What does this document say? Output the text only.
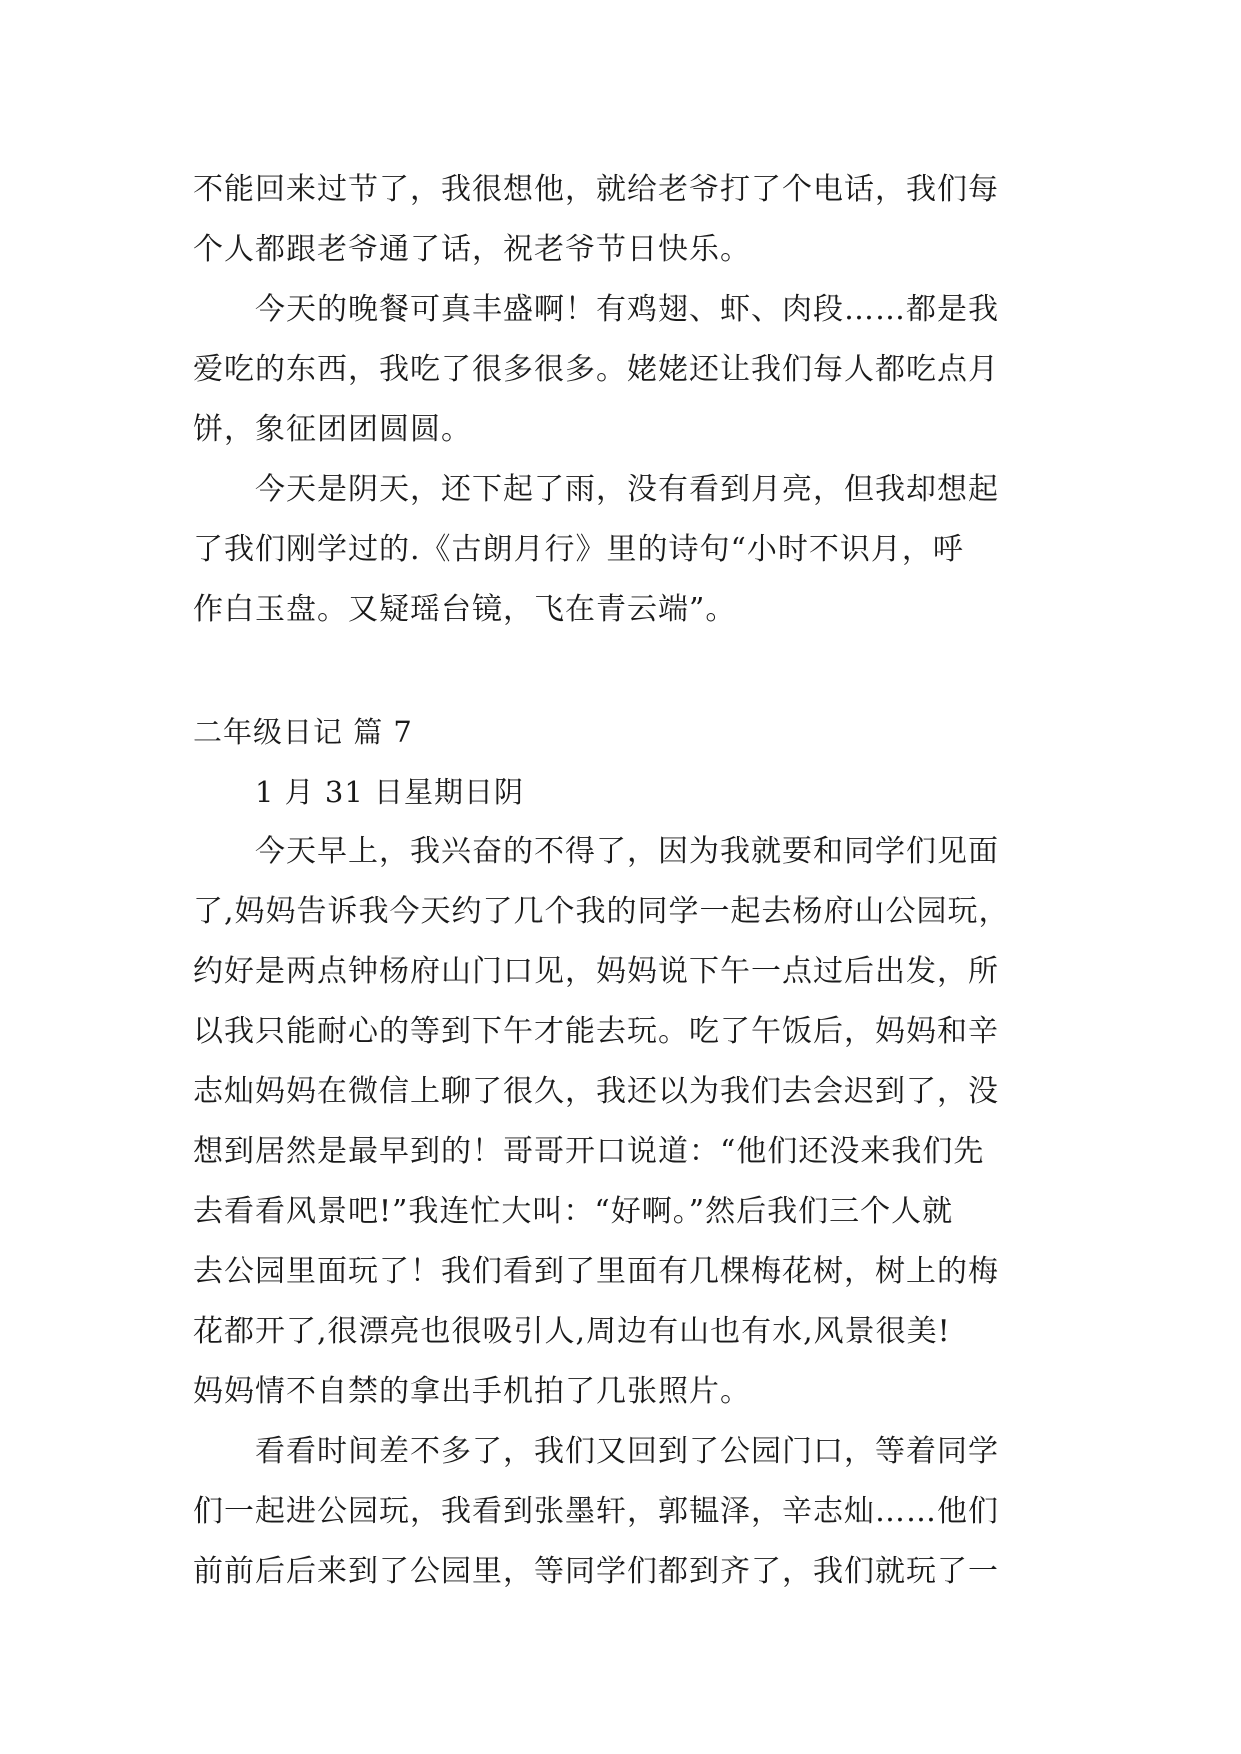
不能回来过节了，我很想他，就给老爷打了个电话，我们每
个人都跟老爷通了话，祝老爷节日快乐。
今天的晚餐可真丰盛啊！有鸡翅、虾、肉段……都是我
爱吃的东西，我吃了很多很多。姥姥还让我们每人都吃点月
饼，象征团团圆圆。
今天是阴天，还下起了雨，没有看到月亮，但我却想起
了我们刚学过的.《古朗月行》里的诗句“小时不识月，呼
作白玉盘。又疑瑶台镜，飞在青云端”。
二年级日记 篇 7
1 月 31 日星期日阴
今天早上，我兴奋的不得了，因为我就要和同学们见面
了,妈妈告诉我今天约了几个我的同学一起去杨府山公园玩，
约好是两点钟杨府山门口见，妈妈说下午一点过后出发，所
以我只能耐心的等到下午才能去玩。吃了午饭后，妈妈和辛
志灿妈妈在微信上聊了很久，我还以为我们去会迟到了，没
想到居然是最早到的！哥哥开口说道：“他们还没来我们先
去看看风景吧!”我连忙大叫：“好啊。”然后我们三个人就
去公园里面玩了！我们看到了里面有几棵梅花树，树上的梅
花都开了,很漂亮也很吸引人,周边有山也有水,风景很美!
妈妈情不自禁的拿出手机拍了几张照片。
看看时间差不多了，我们又回到了公园门口，等着同学
们一起进公园玩，我看到张墨轩，郭韫泽，辛志灿……他们
前前后后来到了公园里，等同学们都到齐了，我们就玩了一
